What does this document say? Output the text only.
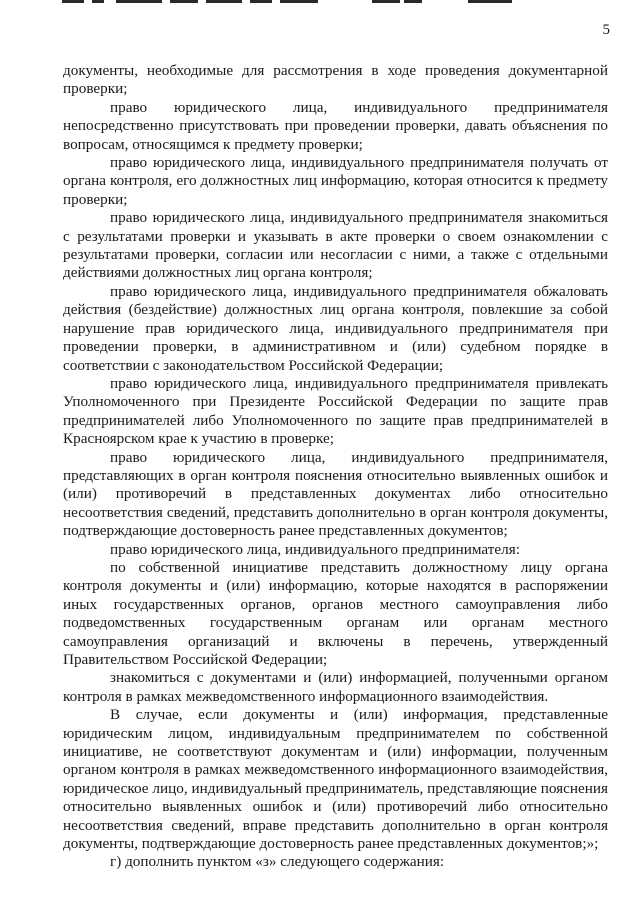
5

документы, необходимые для рассмотрения в ходе проведения документарной проверки;

право юридического лица, индивидуального предпринимателя непосредственно присутствовать при проведении проверки, давать объяснения по вопросам, относящимся к предмету проверки;

право юридического лица, индивидуального предпринимателя получать от органа контроля, его должностных лиц информацию, которая относится к предмету проверки;

право юридического лица, индивидуального предпринимателя знакомиться с результатами проверки и указывать в акте проверки о своем ознакомлении с результатами проверки, согласии или несогласии с ними, а также с отдельными действиями должностных лиц органа контроля;

право юридического лица, индивидуального предпринимателя обжаловать действия (бездействие) должностных лиц органа контроля, повлекшие за собой нарушение прав юридического лица, индивидуального предпринимателя при проведении проверки, в административном и (или) судебном порядке в соответствии с законодательством Российской Федерации;

право юридического лица, индивидуального предпринимателя привлекать Уполномоченного при Президенте Российской Федерации по защите прав предпринимателей либо Уполномоченного по защите прав предпринимателей в Красноярском крае к участию в проверке;

право юридического лица, индивидуального предпринимателя, представляющих в орган контроля пояснения относительно выявленных ошибок и (или) противоречий в представленных документах либо относительно несоответствия сведений, представить дополнительно в орган контроля документы, подтверждающие достоверность ранее представленных документов;

право юридического лица, индивидуального предпринимателя:

по собственной инициативе представить должностному лицу органа контроля документы и (или) информацию, которые находятся в распоряжении иных государственных органов, органов местного самоуправления либо подведомственных государственным органам или органам местного самоуправления организаций и включены в перечень, утвержденный Правительством Российской Федерации;

знакомиться с документами и (или) информацией, полученными органом контроля в рамках межведомственного информационного взаимодействия.

В случае, если документы и (или) информация, представленные юридическим лицом, индивидуальным предпринимателем по собственной инициативе, не соответствуют документам и (или) информации, полученным органом контроля в рамках межведомственного информационного взаимодействия, юридическое лицо, индивидуальный предприниматель, представляющие пояснения относительно выявленных ошибок и (или) противоречий либо относительно несоответствия сведений, вправе представить дополнительно в орган контроля документы, подтверждающие достоверность ранее представленных документов;»;

г) дополнить пунктом «з» следующего содержания:
